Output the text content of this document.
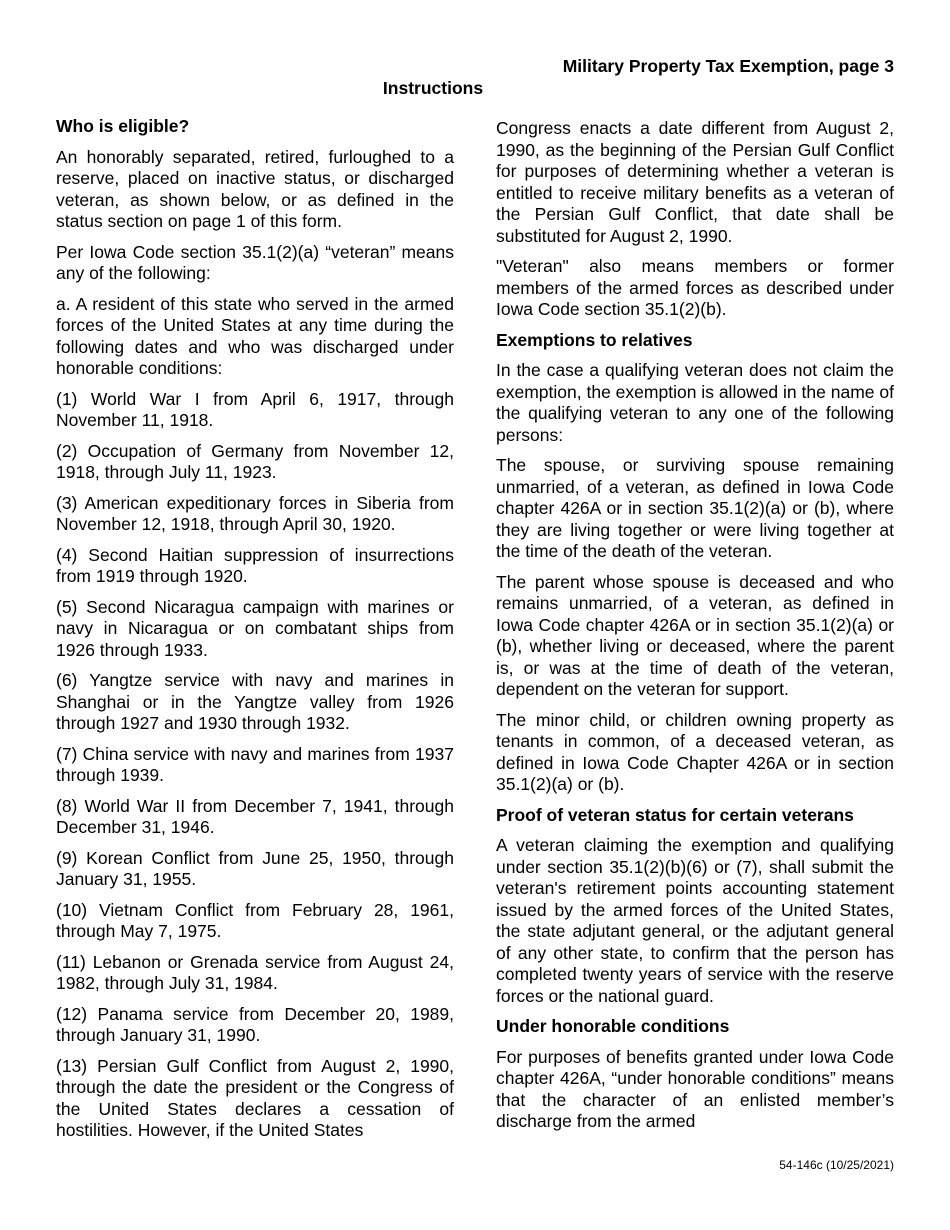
Military Property Tax Exemption, page 3
Instructions
Who is eligible?

An honorably separated, retired, furloughed to a reserve, placed on inactive status, or discharged veteran, as shown below, or as defined in the status section on page 1 of this form.

Per Iowa Code section 35.1(2)(a) “veteran” means any of the following:

a. A resident of this state who served in the armed forces of the United States at any time during the following dates and who was discharged under honorable conditions:

(1) World War I from April 6, 1917, through November 11, 1918.

(2) Occupation of Germany from November 12, 1918, through July 11, 1923.

(3) American expeditionary forces in Siberia from November 12, 1918, through April 30, 1920.

(4) Second Haitian suppression of insurrections from 1919 through 1920.

(5) Second Nicaragua campaign with marines or navy in Nicaragua or on combatant ships from 1926 through 1933.

(6) Yangtze service with navy and marines in Shanghai or in the Yangtze valley from 1926 through 1927 and 1930 through 1932.

(7) China service with navy and marines from 1937 through 1939.

(8) World War II from December 7, 1941, through December 31, 1946.

(9) Korean Conflict from June 25, 1950, through January 31, 1955.

(10) Vietnam Conflict from February 28, 1961, through May 7, 1975.

(11) Lebanon or Grenada service from August 24, 1982, through July 31, 1984.

(12) Panama service from December 20, 1989, through January 31, 1990.

(13) Persian Gulf Conflict from August 2, 1990, through the date the president or the Congress of the United States declares a cessation of hostilities. However, if the United States

Congress enacts a date different from August 2, 1990, as the beginning of the Persian Gulf Conflict for purposes of determining whether a veteran is entitled to receive military benefits as a veteran of the Persian Gulf Conflict, that date shall be substituted for August 2, 1990.

"Veteran" also means members or former members of the armed forces as described under Iowa Code section 35.1(2)(b).

Exemptions to relatives

In the case a qualifying veteran does not claim the exemption, the exemption is allowed in the name of the qualifying veteran to any one of the following persons:

The spouse, or surviving spouse remaining unmarried, of a veteran, as defined in Iowa Code chapter 426A or in section 35.1(2)(a) or (b), where they are living together or were living together at the time of the death of the veteran.

The parent whose spouse is deceased and who remains unmarried, of a veteran, as defined in Iowa Code chapter 426A or in section 35.1(2)(a) or (b), whether living or deceased, where the parent is, or was at the time of death of the veteran, dependent on the veteran for support.

The minor child, or children owning property as tenants in common, of a deceased veteran, as defined in Iowa Code Chapter 426A or in section 35.1(2)(a) or (b).

Proof of veteran status for certain veterans

A veteran claiming the exemption and qualifying under section 35.1(2)(b)(6) or (7), shall submit the veteran's retirement points accounting statement issued by the armed forces of the United States, the state adjutant general, or the adjutant general of any other state, to confirm that the person has completed twenty years of service with the reserve forces or the national guard.

Under honorable conditions

For purposes of benefits granted under Iowa Code chapter 426A, “under honorable conditions” means that the character of an enlisted member’s discharge from the armed

54-146c (10/25/2021)
